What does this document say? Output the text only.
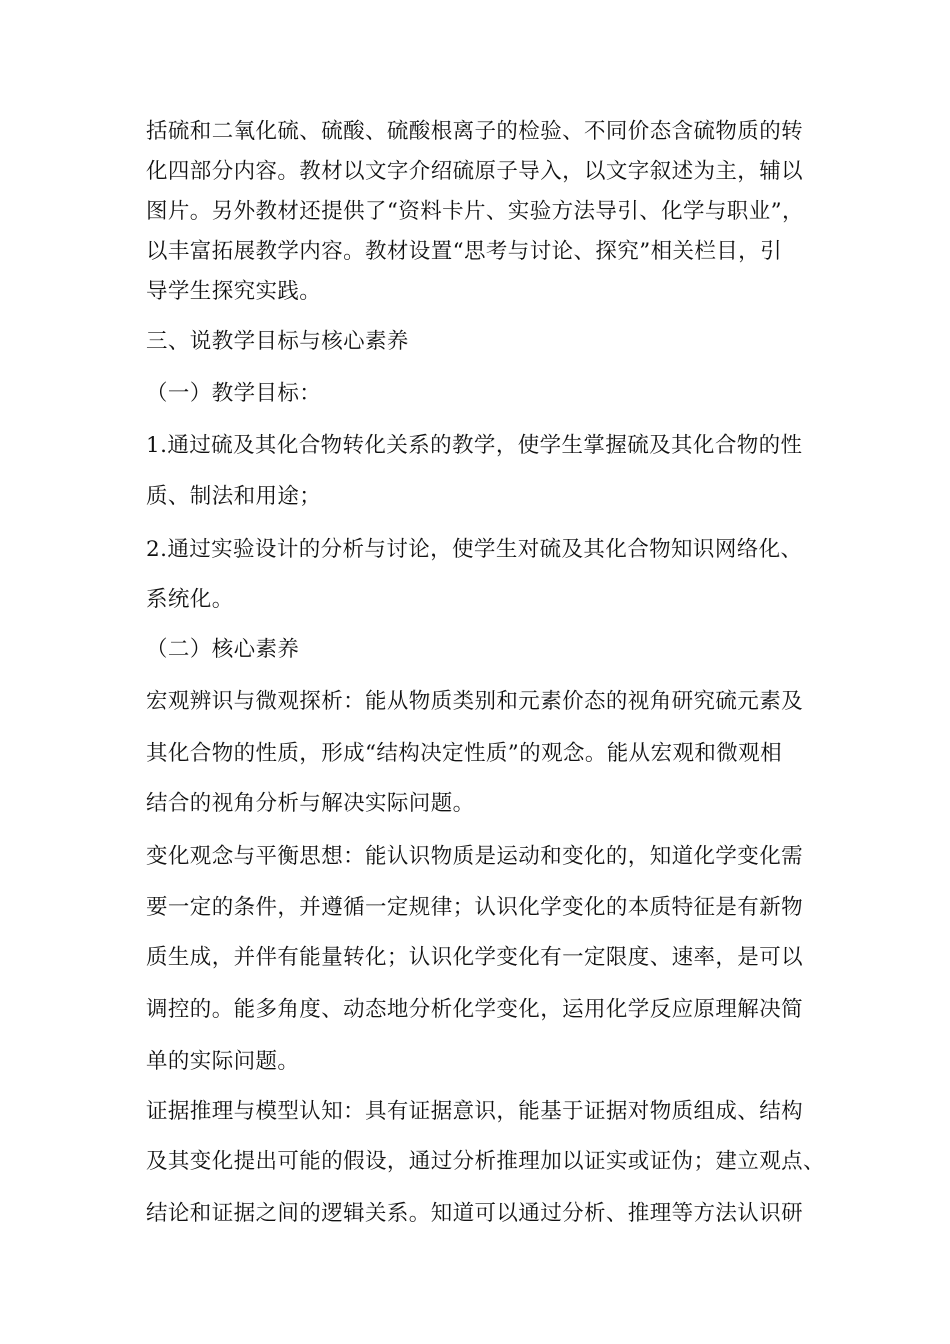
括硫和二氧化硫、硫酸、硫酸根离子的检验、不同价态含硫物质的转
化四部分内容。教材以文字介绍硫原子导入，以文字叙述为主，辅以
图片。另外教材还提供了“资料卡片、实验方法导引、化学与职业”，
以丰富拓展教学内容。教材设置“思考与讨论、探究”相关栏目，引
导学生探究实践。
三、说教学目标与核心素养
（一）教学目标：
1.通过硫及其化合物转化关系的教学，使学生掌握硫及其化合物的性
质、制法和用途；
2.通过实验设计的分析与讨论，使学生对硫及其化合物知识网络化、
系统化。
（二）核心素养
宏观辨识与微观探析：能从物质类别和元素价态的视角研究硫元素及
其化合物的性质，形成“结构决定性质”的观念。能从宏观和微观相
结合的视角分析与解决实际问题。
变化观念与平衡思想：能认识物质是运动和变化的，知道化学变化需
要一定的条件，并遵循一定规律；认识化学变化的本质特征是有新物
质生成，并伴有能量转化；认识化学变化有一定限度、速率，是可以
调控的。能多角度、动态地分析化学变化，运用化学反应原理解决简
单的实际问题。
证据推理与模型认知：具有证据意识，能基于证据对物质组成、结构
及其变化提出可能的假设，通过分析推理加以证实或证伪；建立观点、
结论和证据之间的逻辑关系。知道可以通过分析、推理等方法认识研
